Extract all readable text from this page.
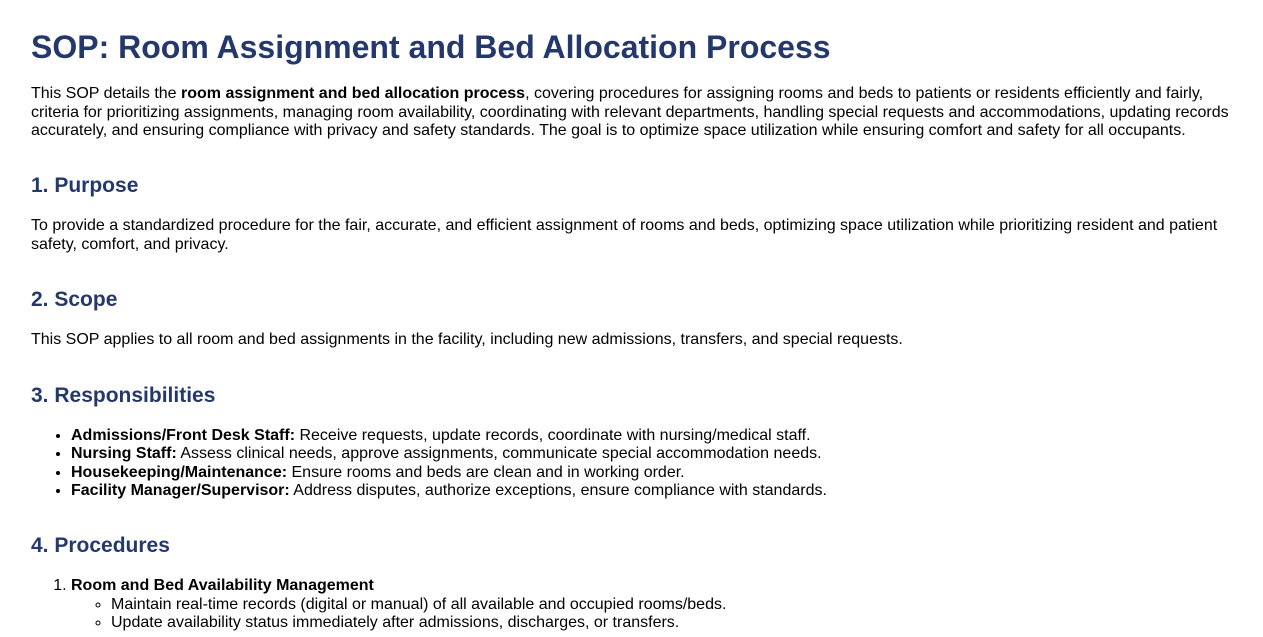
SOP: Room Assignment and Bed Allocation Process

This SOP details the room assignment and bed allocation process, covering procedures for assigning rooms and beds to patients or residents efficiently and fairly, criteria for prioritizing assignments, managing room availability, coordinating with relevant departments, handling special requests and accommodations, updating records accurately, and ensuring compliance with privacy and safety standards. The goal is to optimize space utilization while ensuring comfort and safety for all occupants.

1. Purpose

To provide a standardized procedure for the fair, accurate, and efficient assignment of rooms and beds, optimizing space utilization while prioritizing resident and patient safety, comfort, and privacy.

2. Scope

This SOP applies to all room and bed assignments in the facility, including new admissions, transfers, and special requests.

3. Responsibilities
• Admissions/Front Desk Staff: Receive requests, update records, coordinate with nursing/medical staff.
• Nursing Staff: Assess clinical needs, approve assignments, communicate special accommodation needs.
• Housekeeping/Maintenance: Ensure rooms and beds are clean and in working order.
• Facility Manager/Supervisor: Address disputes, authorize exceptions, ensure compliance with standards.
4. Procedures
1. Room and Bed Availability Management
◦ Maintain real-time records (digital or manual) of all available and occupied rooms/beds.
◦ Update availability status immediately after admissions, discharges, or transfers.
